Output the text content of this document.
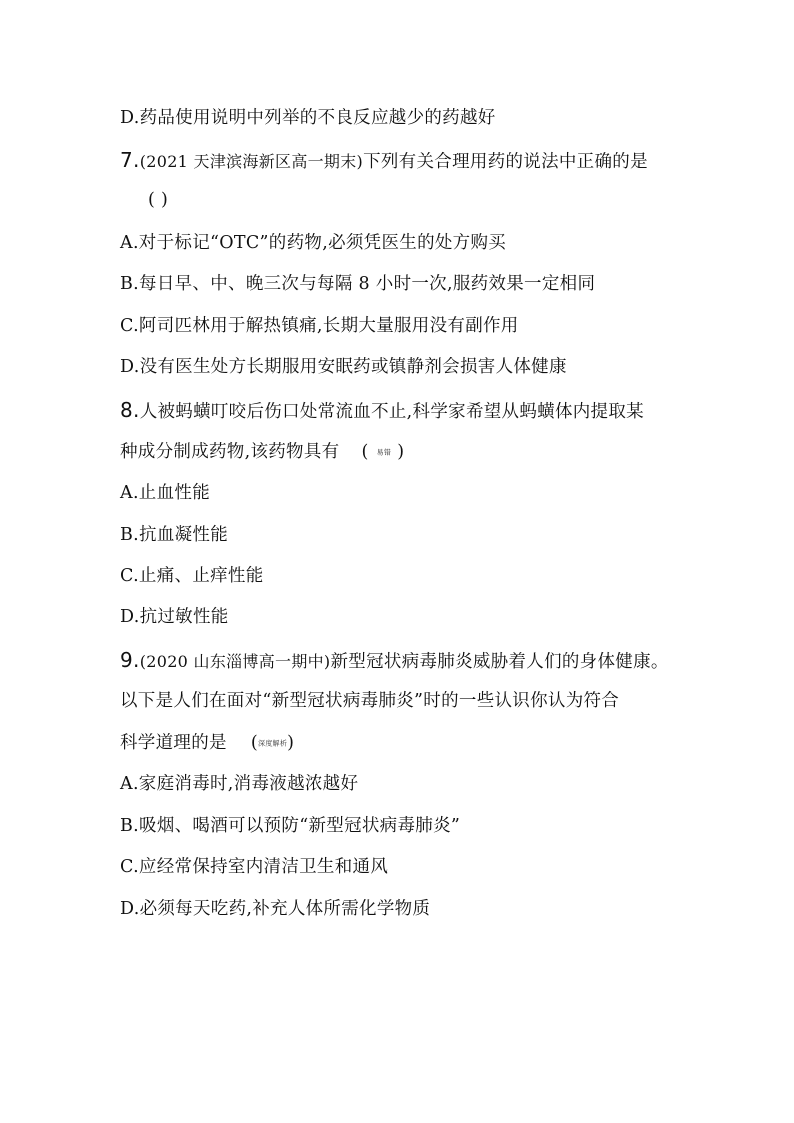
D.药品使用说明中列举的不良反应越少的药越好
7.(2021 天津滨海新区高一期末)下列有关合理用药的说法中正确的是
( )
A.对于标记“OTC”的药物,必须凭医生的处方购买
B.每日早、中、晚三次与每隔 8 小时一次,服药效果一定相同
C.阿司匹林用于解热镇痛,长期大量服用没有副作用
D.没有医生处方长期服用安眠药或镇静剂会损害人体健康
8.人被蚂蟥叮咬后伤口处常流血不止,科学家希望从蚂蟥体内提取某
种成分制成药物,该药物具有 ( 易错 )
A.止血性能
B.抗血凝性能
C.止痛、止痒性能
D.抗过敏性能
9.(2020 山东淄博高一期中)新型冠状病毒肺炎威胁着人们的身体健康。
以下是人们在面对“新型冠状病毒肺炎”时的一些认识你认为符合
科学道理的是 (深度解析)
A.家庭消毒时,消毒液越浓越好
B.吸烟、喝酒可以预防“新型冠状病毒肺炎”
C.应经常保持室内清洁卫生和通风
D.必须每天吃药,补充人体所需化学物质
